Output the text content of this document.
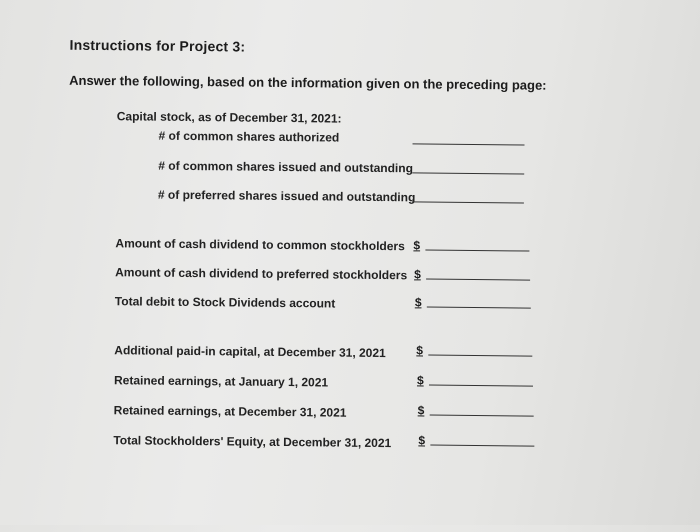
Instructions for Project 3:
Answer the following, based on the information given on the preceding page:
Capital stock, as of December 31, 2021:
# of common shares authorized
# of common shares issued and outstanding
# of preferred shares issued and outstanding
Amount of cash dividend to common stockholders $
Amount of cash dividend to preferred stockholders $
Total debit to Stock Dividends account	$
Additional paid-in capital, at December 31, 2021	$
Retained earnings, at January 1, 2021	$
Retained earnings, at December 31, 2021	$
Total Stockholders' Equity, at December 31, 2021 $
